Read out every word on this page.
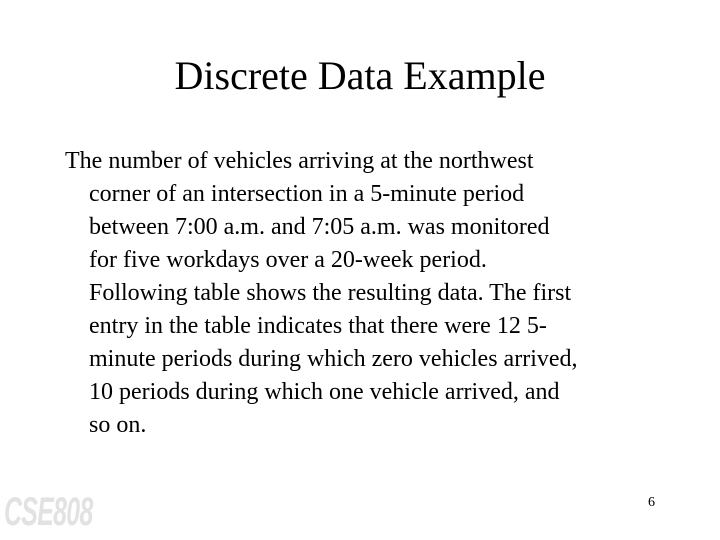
Discrete Data Example
The number of vehicles arriving at the northwest
corner of an intersection in a 5-minute period
between 7:00 a.m. and 7:05 a.m. was monitored
for five workdays over a 20-week period.
Following table shows the resulting data. The first
entry in the table indicates that there were 12 5-
minute periods during which zero vehicles arrived,
10 periods during which one vehicle arrived, and
so on.
CSE808	6
